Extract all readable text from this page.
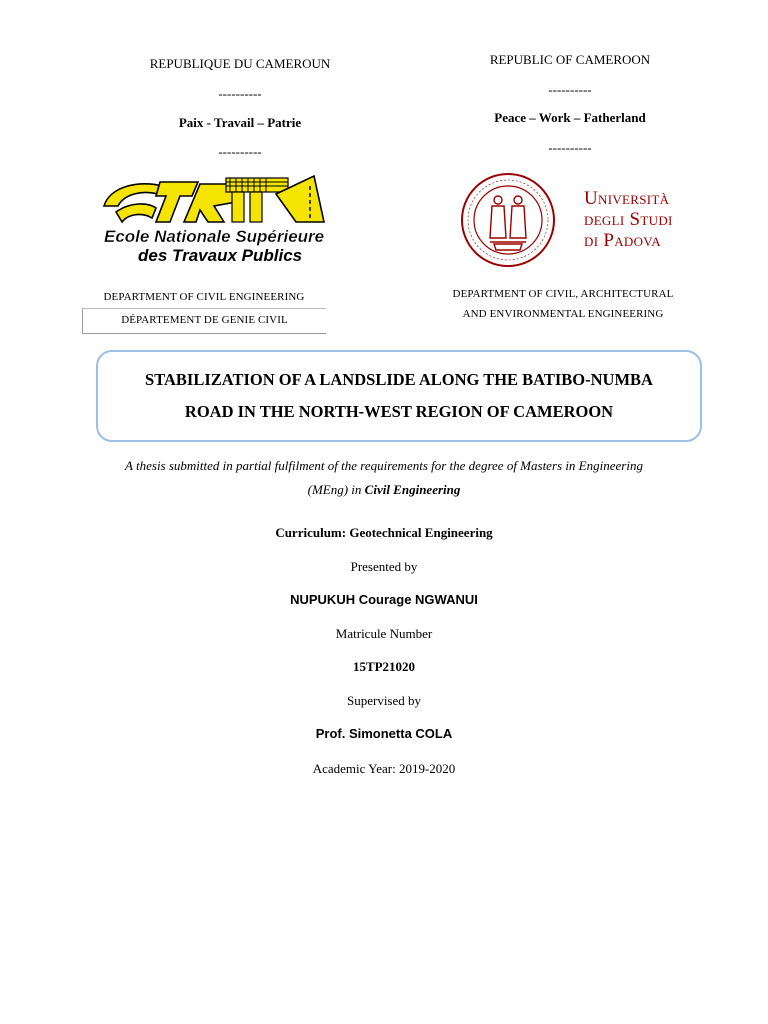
REPUBLIQUE DU CAMEROUN
----------
Paix - Travail – Patrie
----------
REPUBLIC OF CAMEROON
----------
Peace – Work – Fatherland
----------
Ecole Nationale Supérieure
des Travaux Publics
Università
degli Studi
di Padova
DEPARTMENT OF CIVIL ENGINEERING
DÉPARTEMENT DE GENIE CIVIL
DEPARTMENT OF CIVIL, ARCHITECTURAL
AND ENVIRONMENTAL ENGINEERING
STABILIZATION OF A LANDSLIDE ALONG THE BATIBO-NUMBA
ROAD IN THE NORTH-WEST REGION OF CAMEROON
A thesis submitted in partial fulfilment of the requirements for the degree of Masters in Engineering
(MEng) in Civil Engineering
Curriculum: Geotechnical Engineering
Presented by
NUPUKUH Courage NGWANUI
Matricule Number
15TP21020
Supervised by
Prof. Simonetta COLA
Academic Year: 2019-2020
